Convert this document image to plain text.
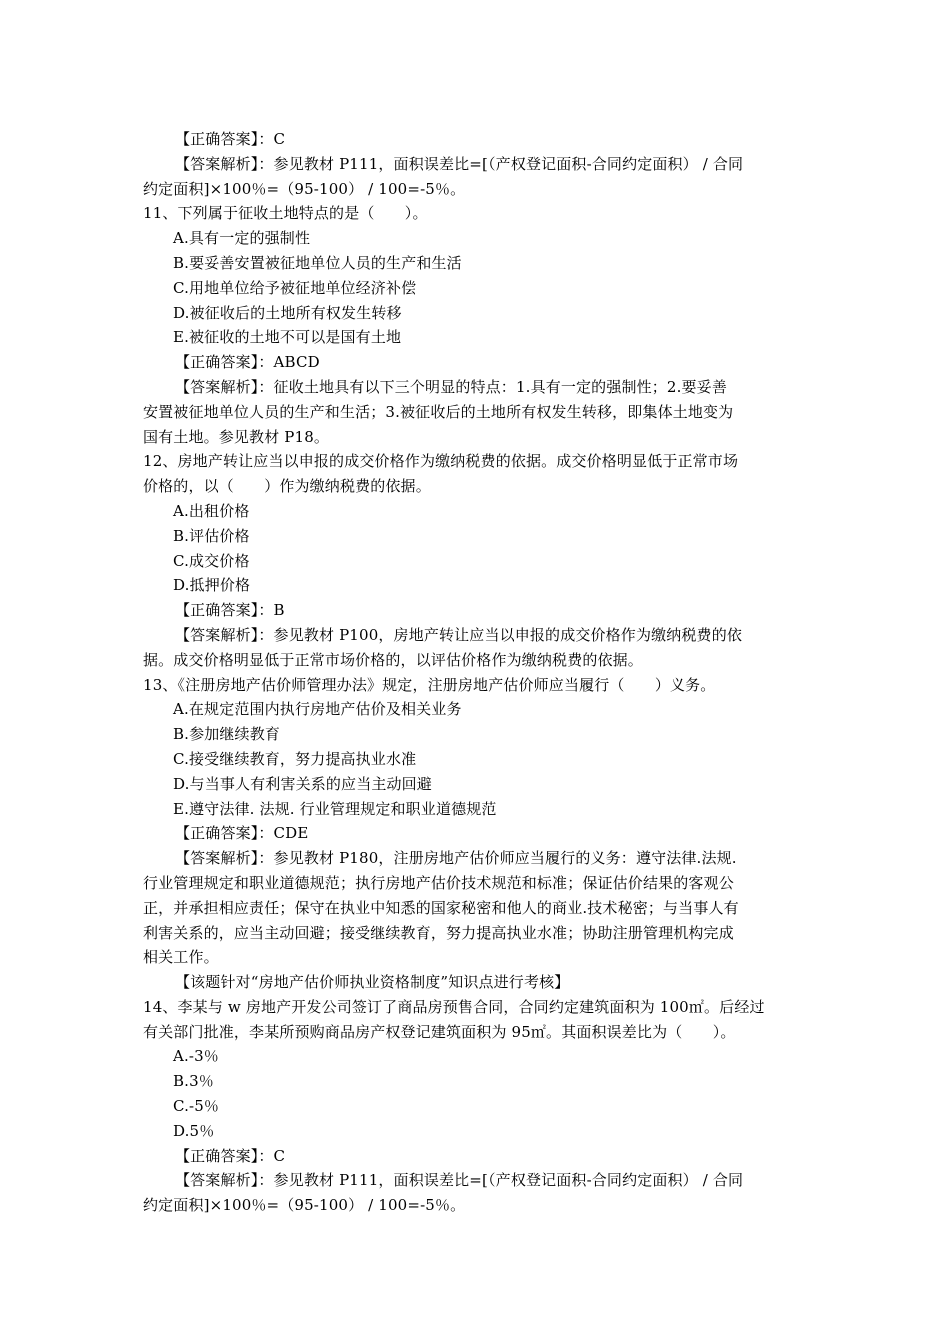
【正确答案】：C
【答案解析】：参见教材 P111，面积误差比=[（产权登记面积-合同约定面积） / 合同
约定面积]×100％=（95-100） / 100=-5％。
11、下列属于征收土地特点的是（　　）。
A.具有一定的强制性
B.要妥善安置被征地单位人员的生产和生活
C.用地单位给予被征地单位经济补偿
D.被征收后的土地所有权发生转移
E.被征收的土地不可以是国有土地
【正确答案】：ABCD
【答案解析】：征收土地具有以下三个明显的特点：1.具有一定的强制性；2.要妥善
安置被征地单位人员的生产和生活；3.被征收后的土地所有权发生转移，即集体土地变为
国有土地。参见教材 P18。
12、房地产转让应当以申报的成交价格作为缴纳税费的依据。成交价格明显低于正常市场
价格的，以（　　）作为缴纳税费的依据。
A.出租价格
B.评估价格
C.成交价格
D.抵押价格
【正确答案】：B
【答案解析】：参见教材 P100，房地产转让应当以申报的成交价格作为缴纳税费的依
据。成交价格明显低于正常市场价格的，以评估价格作为缴纳税费的依据。
13、《注册房地产估价师管理办法》规定，注册房地产估价师应当履行（　　）义务。
A.在规定范围内执行房地产估价及相关业务
B.参加继续教育
C.接受继续教育，努力提高执业水准
D.与当事人有利害关系的应当主动回避
E.遵守法律. 法规. 行业管理规定和职业道德规范
【正确答案】：CDE
【答案解析】：参见教材 P180，注册房地产估价师应当履行的义务：遵守法律.法规.
行业管理规定和职业道德规范；执行房地产估价技术规范和标准；保证估价结果的客观公
正，并承担相应责任；保守在执业中知悉的国家秘密和他人的商业.技术秘密；与当事人有
利害关系的，应当主动回避；接受继续教育，努力提高执业水准；协助注册管理机构完成
相关工作。
【该题针对“房地产估价师执业资格制度”知识点进行考核】
14、李某与 w 房地产开发公司签订了商品房预售合同，合同约定建筑面积为 100㎡。后经过
有关部门批准，李某所预购商品房产权登记建筑面积为 95㎡。其面积误差比为（　　）。
A.-3％
B.3％
C.-5％
D.5％
【正确答案】：C
【答案解析】：参见教材 P111，面积误差比=[（产权登记面积-合同约定面积） / 合同
约定面积]×100％=（95-100） / 100=-5％。
